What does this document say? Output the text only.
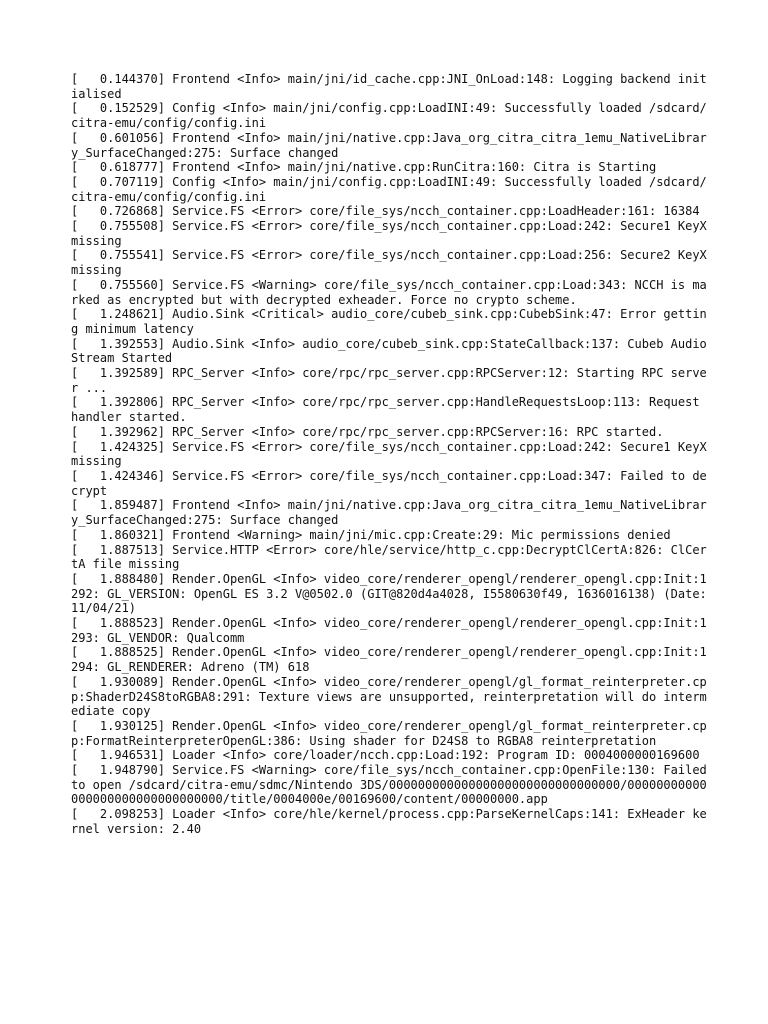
[   0.144370] Frontend <Info> main/jni/id_cache.cpp:JNI_OnLoad:148: Logging backend initialised
[   0.152529] Config <Info> main/jni/config.cpp:LoadINI:49: Successfully loaded /sdcard/citra-emu/config/config.ini
[   0.601056] Frontend <Info> main/jni/native.cpp:Java_org_citra_citra_1emu_NativeLibrary_SurfaceChanged:275: Surface changed
[   0.618777] Frontend <Info> main/jni/native.cpp:RunCitra:160: Citra is Starting
[   0.707119] Config <Info> main/jni/config.cpp:LoadINI:49: Successfully loaded /sdcard/citra-emu/config/config.ini
[   0.726868] Service.FS <Error> core/file_sys/ncch_container.cpp:LoadHeader:161: 16384
[   0.755508] Service.FS <Error> core/file_sys/ncch_container.cpp:Load:242: Secure1 KeyX missing
[   0.755541] Service.FS <Error> core/file_sys/ncch_container.cpp:Load:256: Secure2 KeyX missing
[   0.755560] Service.FS <Warning> core/file_sys/ncch_container.cpp:Load:343: NCCH is marked as encrypted but with decrypted exheader. Force no crypto scheme.
[   1.248621] Audio.Sink <Critical> audio_core/cubeb_sink.cpp:CubebSink:47: Error getting minimum latency
[   1.392553] Audio.Sink <Info> audio_core/cubeb_sink.cpp:StateCallback:137: Cubeb Audio Stream Started
[   1.392589] RPC_Server <Info> core/rpc/rpc_server.cpp:RPCServer:12: Starting RPC server ...
[   1.392806] RPC_Server <Info> core/rpc/rpc_server.cpp:HandleRequestsLoop:113: Request handler started.
[   1.392962] RPC_Server <Info> core/rpc/rpc_server.cpp:RPCServer:16: RPC started.
[   1.424325] Service.FS <Error> core/file_sys/ncch_container.cpp:Load:242: Secure1 KeyX missing
[   1.424346] Service.FS <Error> core/file_sys/ncch_container.cpp:Load:347: Failed to decrypt
[   1.859487] Frontend <Info> main/jni/native.cpp:Java_org_citra_citra_1emu_NativeLibrary_SurfaceChanged:275: Surface changed
[   1.860321] Frontend <Warning> main/jni/mic.cpp:Create:29: Mic permissions denied
[   1.887513] Service.HTTP <Error> core/hle/service/http_c.cpp:DecryptClCertA:826: ClCertA file missing
[   1.888480] Render.OpenGL <Info> video_core/renderer_opengl/renderer_opengl.cpp:Init:1292: GL_VERSION: OpenGL ES 3.2 V@0502.0 (GIT@820d4a4028, I5580630f49, 1636016138) (Date:11/04/21)
[   1.888523] Render.OpenGL <Info> video_core/renderer_opengl/renderer_opengl.cpp:Init:1293: GL_VENDOR: Qualcomm
[   1.888525] Render.OpenGL <Info> video_core/renderer_opengl/renderer_opengl.cpp:Init:1294: GL_RENDERER: Adreno (TM) 618
[   1.930089] Render.OpenGL <Info> video_core/renderer_opengl/gl_format_reinterpreter.cpp:ShaderD24S8toRGBA8:291: Texture views are unsupported, reinterpretation will do intermediate copy
[   1.930125] Render.OpenGL <Info> video_core/renderer_opengl/gl_format_reinterpreter.cpp:FormatReinterpreterOpenGL:386: Using shader for D24S8 to RGBA8 reinterpretation
[   1.946531] Loader <Info> core/loader/ncch.cpp:Load:192: Program ID: 0004000000169600
[   1.948790] Service.FS <Warning> core/file_sys/ncch_container.cpp:OpenFile:130: Failed to open /sdcard/citra-emu/sdmc/Nintendo 3DS/00000000000000000000000000000000/00000000000000000000000000000000/title/0004000e/00169600/content/00000000.app
[   2.098253] Loader <Info> core/hle/kernel/process.cpp:ParseKernelCaps:141: ExHeader kernel version: 2.40
